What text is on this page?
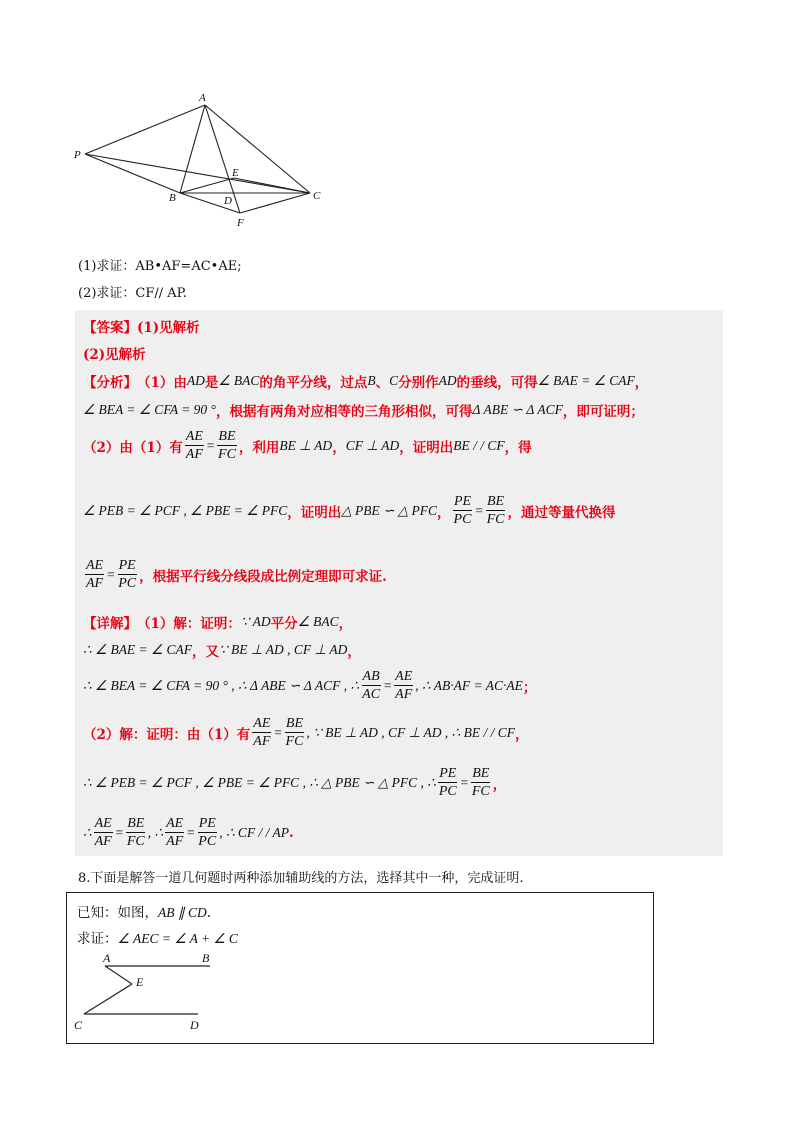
A
P
E
C
B	D
F
(1)求证：AB•AF=AC•AE;
(2)求证：CF// AP.
【答案】(1)见解析
(2)见解析
【分析】 （1）由 AD 是 ∠ BAC 的角平分线，过点 B 、 C 分别作 AD 的垂线，可得 ∠ BAE = ∠ CAF ，
∠ BEA = ∠ CFA = 90 ° ，根据有两角对应相等的三角形相似，可得 Δ ABE ∽ Δ ACF ，即可证明；
（2）由（1）有 $\frac{AE}{AF} = \frac{BE}{FC}$ ，利用 BE ⊥ AD ， CF ⊥ AD ，证明出 BE / / CF ，得
∠ PEB = ∠ PCF , ∠ PBE = ∠ PFC ，证明出 △ PBE ∽ △ PFC ， $\frac{PE}{PC} = \frac{BE}{FC}$ ，通过等量代换得
$\frac{AE}{AF} = \frac{PE}{PC}$ ，根据平行线分线段成比例定理即可求证.
【详解】 （1）解：证明： ∵ AD 平分 ∠ BAC ，
∴ ∠ BAE = ∠ CAF ，又 ∵ BE ⊥ AD , CF ⊥ AD ，
∴ ∠ BEA = ∠ CFA = 90 ° , ∴ Δ ABE ∽ Δ ACF , ∴ $\frac{AB}{AC} = \frac{AE}{AF}$ , ∴ AB·AF = AC·AE ；
（2）解：证明：由（1）有 $\frac{AE}{AF} = \frac{BE}{FC}$ , ∵ BE ⊥ AD , CF ⊥ AD , ∴ BE / / CF ，
∴ ∠ PEB = ∠ PCF , ∠ PBE = ∠ PFC , ∴ △ PBE ∽ △ PFC , ∴ $\frac{PE}{PC} = \frac{BE}{FC}$ ，
∴ $\frac{AE}{AF} = \frac{BE}{FC}$ , ∴ $\frac{AE}{AF} = \frac{PE}{PC}$ , ∴ CF / / AP .
8.下面是解答一道几何题时两种添加辅助线的方法，选择其中一种，完成证明.
已知：如图，AB ∥ CD.
求证：∠ AEC = ∠ A + ∠ C
A	B
E
C	D
